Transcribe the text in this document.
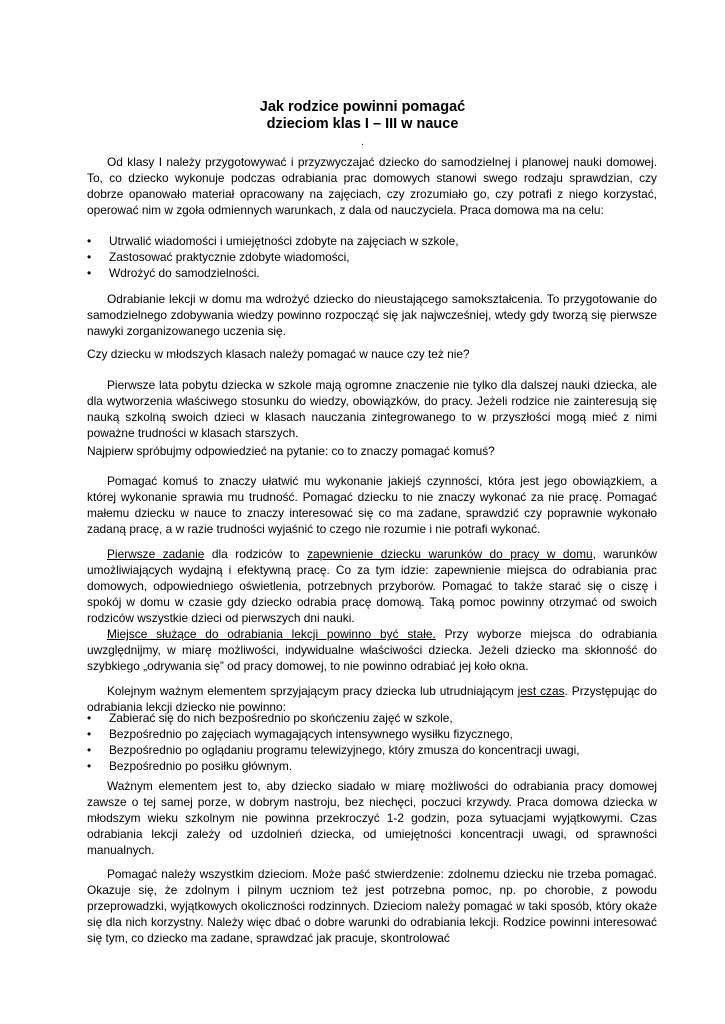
Jak rodzice powinni pomagać
dzieciom klas I – III w nauce
.

Od klasy I należy przygotowywać i przyzwyczajać dziecko do samodzielnej i planowej nauki domowej. To, co dziecko wykonuje podczas odrabiania prac domowych stanowi swego rodzaju sprawdzian, czy dobrze opanowało materiał opracowany na zajęciach, czy zrozumiało go, czy potrafi z niego korzystać, operować nim w zgoła odmiennych warunkach, z dala od nauczyciela. Praca domowa ma na celu:

• Utrwalić wiadomości i umiejętności zdobyte na zajęciach w szkole,
• Zastosować praktycznie zdobyte wiadomości,
• Wdrożyć do samodzielności.

Odrabianie lekcji w domu ma wdrożyć dziecko do nieustającego samokształcenia. To przygotowanie do samodzielnego zdobywania wiedzy powinno rozpocząć się jak najwcześniej, wtedy gdy tworzą się pierwsze nawyki zorganizowanego uczenia się.

Czy dziecku w młodszych klasach należy pomagać w nauce czy też nie?

Pierwsze lata pobytu dziecka w szkole mają ogromne znaczenie nie tylko dla dalszej nauki dziecka, ale dla wytworzenia właściwego stosunku do wiedzy, obowiązków, do pracy. Jeżeli rodzice nie zainteresują się nauką szkolną swoich dzieci w klasach nauczania zintegrowanego to w przyszłości mogą mieć z nimi poważne trudności w klasach starszych.

Najpierw spróbujmy odpowiedzieć na pytanie: co to znaczy pomagać komuś?

Pomagać komuś to znaczy ułatwić mu wykonanie jakiejś czynności, która jest jego obowiązkiem, a której wykonanie sprawia mu trudność. Pomagać dziecku to nie znaczy wykonać za nie pracę. Pomagać małemu dziecku w nauce to znaczy interesować się co ma zadane, sprawdzić czy poprawnie wykonało zadaną pracę, a w razie trudności wyjaśnić to czego nie rozumie i nie potrafi wykonać.

Pierwsze zadanie dla rodziców to zapewnienie dziecku warunków do pracy w domu, warunków umożliwiających wydajną i efektywną pracę. Co za tym idzie: zapewnienie miejsca do odrabiania prac domowych, odpowiedniego oświetlenia, potrzebnych przyborów. Pomagać to także starać się o ciszę i spokój w domu w czasie gdy dziecko odrabia pracę domową. Taką pomoc powinny otrzymać od swoich rodziców wszystkie dzieci od pierwszych dni nauki.

Miejsce służące do odrabiania lekcji powinno być stałe. Przy wyborze miejsca do odrabiania uwzględnijmy, w miarę możliwości, indywidualne właściwości dziecka. Jeżeli dziecko ma skłonność do szybkiego „odrywania się” od pracy domowej, to nie powinno odrabiać jej koło okna.

Kolejnym ważnym elementem sprzyjającym pracy dziecka lub utrudniającym jest czas. Przystępując do odrabiania lekcji dziecko nie powinno:

• Zabierać się do nich bezpośrednio po skończeniu zajęć w szkole,
• Bezpośrednio po zajęciach wymagających intensywnego wysiłku fizycznego,
• Bezpośrednio po oglądaniu programu telewizyjnego, który zmusza do koncentracji uwagi,
• Bezpośrednio po posiłku głównym.

Ważnym elementem jest to, aby dziecko siadało w miarę możliwości do odrabiania pracy domowej zawsze o tej samej porze, w dobrym nastroju, bez niechęci, poczuci krzywdy. Praca domowa dziecka w młodszym wieku szkolnym nie powinna przekroczyć 1-2 godzin, poza sytuacjami wyjątkowymi. Czas odrabiania lekcji zależy od uzdolnień dziecka, od umiejętności koncentracji uwagi, od sprawności manualnych.

Pomagać należy wszystkim dzieciom. Może paść stwierdzenie: zdolnemu dziecku nie trzeba pomagać. Okazuje się, że zdolnym i pilnym uczniom też jest potrzebna pomoc, np. po chorobie, z powodu przeprowadzki, wyjątkowych okoliczności rodzinnych. Dzieciom należy pomagać w taki sposób, który okaże się dla nich korzystny. Należy więc dbać o dobre warunki do odrabiania lekcji. Rodzice powinni interesować się tym, co dziecko ma zadane, sprawdzać jak pracuje, skontrolować
